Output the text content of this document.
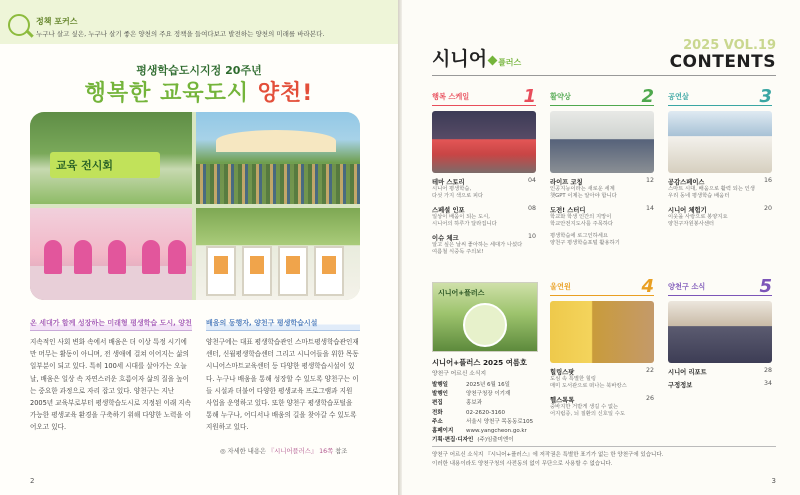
정책 포커스
누구나 살고 싶은, 누구나 살기 좋은 양천의 주요 정책을 들여다보고 발전하는 양천의 미래를 바라본다.
평생학습도시지정 20주년
행복한 교육도시 양천!
교육 전시회
온 세대가 함께 성장하는 미래형 평생학습 도시, 양천
지속적인 사회 변화 속에서 배움은 더 이상 특정 시기에만 머무는 활동이 아니며, 전 생애에 걸쳐 이어지는 삶의 일부분이 되고 있다. 특히 100세 시대를 살아가는 오늘날, 배움은 일상 속 자연스러운 흐름이자 삶의 질을 높이는 중요한 과정으로 자리 잡고 있다. 양천구는 지난 2005년 교육부로부터 평생학습도시로 지정된 이래 지속 가능한 평생교육 환경을 구축하기 위해 다양한 노력을 이어오고 있다.
배움의 동행자, 양천구 평생학습시설
양천구에는 대표 평생학습관인 스마트평생학습관인재센터, 신월평생학습센터 그리고 시니어들을 위한 목동시니어스마트교육센터 등 다양한 평생학습시설이 있다. 누구나 배움을 통해 성장할 수 있도록 양천구는 이들 시설과 더불어 다양한 평생교육 프로그램과 지원 사업을 운영하고 있다. 또한 양천구 평생학습포털을 통해 누구나, 어디서나 배움의 길을 찾아갈 수 있도록 지원하고 있다.
◎ 자세한 내용은 『시니어플러스』 16쪽 참조
2
시니어 플러스
2025 VOL.19
CONTENTS
행복 스케일	1
테마 스토리	04
시니어 평생학습,
다섯 가지 색으로 피다
스페셜 인포	08
일상이 배움이 되는 도시,
시니어의 하루가 달라집니다
이슈 체크	10
알고 싶은 날씨 좋아하는 세대가 나섰다
여름철 식중독 주의보!
활약상	2
라이프 코칭	12
인공지능이라는 새로운 세계
챗GPT 이제는 알아야 합니다
도전! 스터디	14
학교와 학생 인간의 지망이
학교안전지도사를 주목하다
평생학습에 로그인하세요
양천구 평생학습포털 활용하기
공연살	3
공감스페이스	16
스마트 시대, 배움으로 활력 되는 인생
우리 동네 평생학습 배움터
시니어 체험기	20
이웃을 사랑으로 봉양지요
양천구자원봉사센터
시니어+플러스
시니어+플러스 2025 여름호
양천구 어르신 소식지
발행일	2025년 6월 16일
발행인	양천구청장 이기재
편집	홍보과
전화	02-2620-3160
주소	서울시 양천구 목동동로105
홈페이지 www.yangcheon.go.kr
기획·편집·디자인 (주)임출미엔이
울연원	4
힐링스팟	22
도심 속 특별한 힐링
매미 도서관으로 떠나는 북바캉스
헬스톡톡	26
중바지만 거받게 생길 수 없는
어지럼증, 뇌 질환의 신호일 수도
양천구 소식	5
시니어 리포트	28
구정정보	34
양천구 어르신 소식지 『시니어+플러스』에 저작권은 특별한 표기가 없는 한 양천구에 있습니다.
이러한 내용이라도 양천구청의 사전동의 없이 무단으로 사용할 수 없습니다.
3
